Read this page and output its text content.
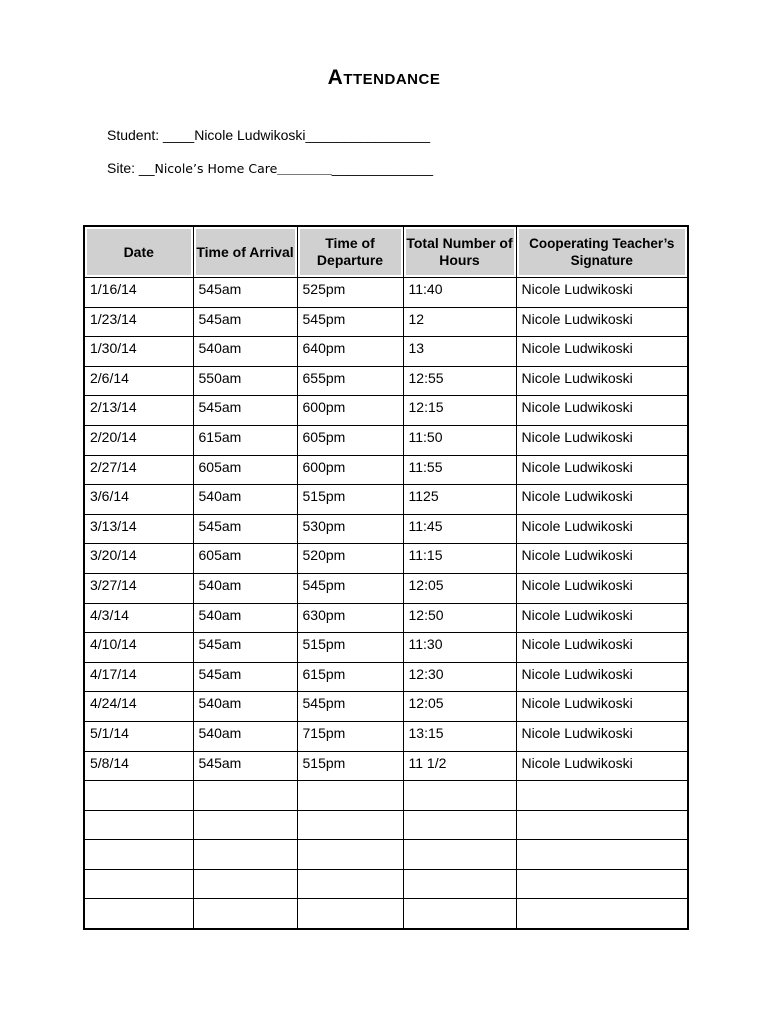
ATTENDANCE
Student: ____Nicole Ludwikoski________________
Site: __Nicole’s Home Care____________________
Date	Time of Arrival	Time of Departure	Total Number of Hours	Cooperating Teacher’s Signature
1/16/14	545am	525pm	11:40	Nicole Ludwikoski
1/23/14	545am	545pm	12	Nicole Ludwikoski
1/30/14	540am	640pm	13	Nicole Ludwikoski
2/6/14	550am	655pm	12:55	Nicole Ludwikoski
2/13/14	545am	600pm	12:15	Nicole Ludwikoski
2/20/14	615am	605pm	11:50	Nicole Ludwikoski
2/27/14	605am	600pm	11:55	Nicole Ludwikoski
3/6/14	540am	515pm	1125	Nicole Ludwikoski
3/13/14	545am	530pm	11:45	Nicole Ludwikoski
3/20/14	605am	520pm	11:15	Nicole Ludwikoski
3/27/14	540am	545pm	12:05	Nicole Ludwikoski
4/3/14	540am	630pm	12:50	Nicole Ludwikoski
4/10/14	545am	515pm	11:30	Nicole Ludwikoski
4/17/14	545am	615pm	12:30	Nicole Ludwikoski
4/24/14	540am	545pm	12:05	Nicole Ludwikoski
5/1/14	540am	715pm	13:15	Nicole Ludwikoski
5/8/14	545am	515pm	11 1/2	Nicole Ludwikoski
